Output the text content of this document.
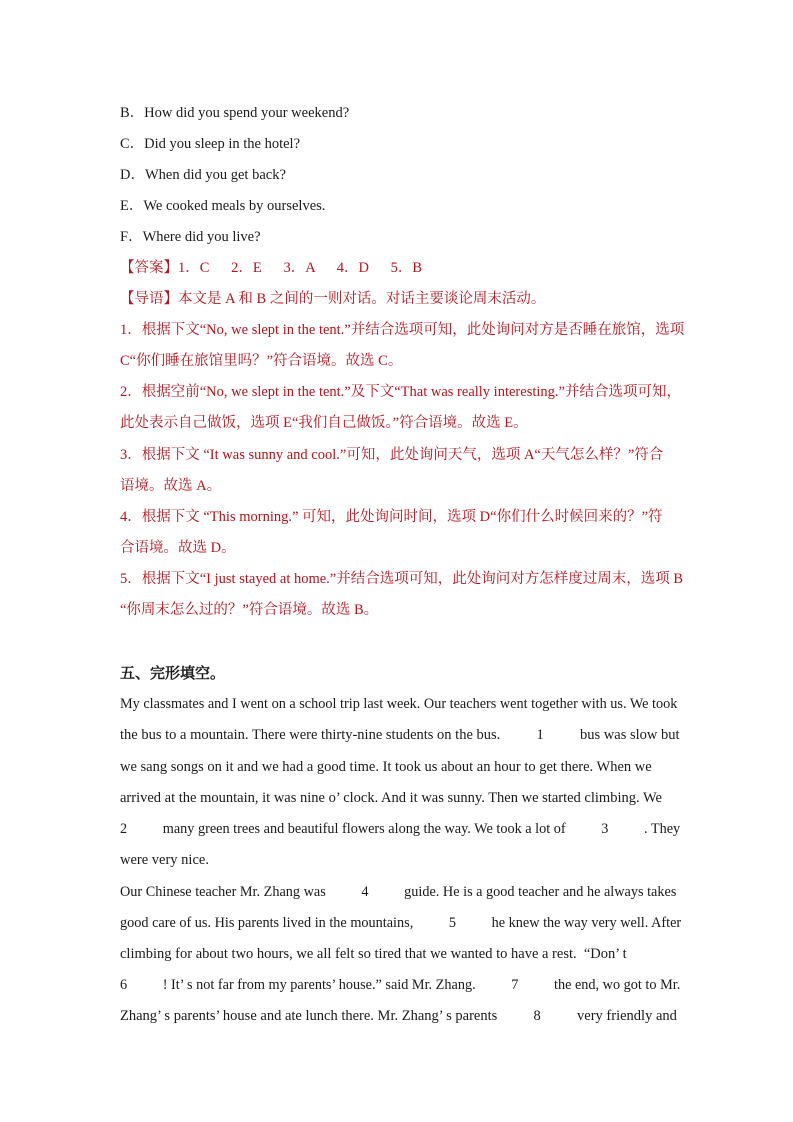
B．How did you spend your weekend?
C．Did you sleep in the hotel?
D．When did you get back?
E．We cooked meals by ourselves.
F．Where did you live?
【答案】1．C      2．E      3．A      4．D      5．B
【导语】本文是 A 和 B 之间的一则对话。对话主要谈论周末活动。
1．根据下文“No, we slept in the tent.”并结合选项可知，此处询问对方是否睡在旅馆，选项
C“你们睡在旅馆里吗？”符合语境。故选 C。
2．根据空前“No, we slept in the tent.”及下文“That was really interesting.”并结合选项可知，
此处表示自己做饭，选项 E“我们自己做饭。”符合语境。故选 E。
3．根据下文 “It was sunny and cool.”可知，此处询问天气，选项 A“天气怎么样？”符合
语境。故选 A。
4．根据下文 “This morning.” 可知，此处询问时间，选项 D“你们什么时候回来的？”符
合语境。故选 D。
5．根据下文“I just stayed at home.”并结合选项可知，此处询问对方怎样度过周末，选项 B
“你周末怎么过的？”符合语境。故选 B。
五、完形填空。
My classmates and I went on a school trip last week. Our teachers went together with us. We took
the bus to a mountain. There were thirty-nine students on the bus.          1          bus was slow but
we sang songs on it and we had a good time. It took us about an hour to get there. When we
arrived at the mountain, it was nine o’ clock. And it was sunny. Then we started climbing. We
2          many green trees and beautiful flowers along the way. We took a lot of          3          . They
were very nice.
Our Chinese teacher Mr. Zhang was          4          guide. He is a good teacher and he always takes
good care of us. His parents lived in the mountains,          5          he knew the way very well. After
climbing for about two hours, we all felt so tired that we wanted to have a rest.  “Don’ t
6          ! It’ s not far from my parents’ house.” said Mr. Zhang.          7          the end, wo got to Mr.
Zhang’ s parents’ house and ate lunch there. Mr. Zhang’ s parents          8          very friendly and
